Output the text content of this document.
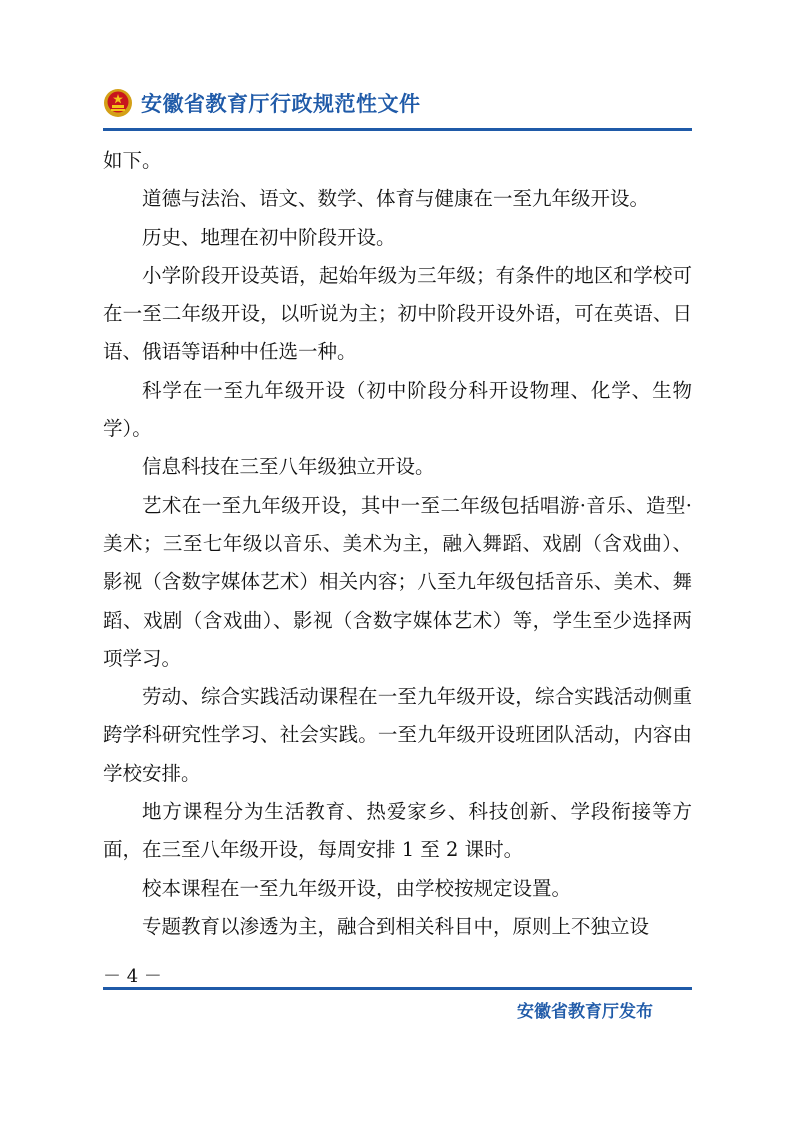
安徽省教育厅行政规范性文件

如下。

道德与法治、语文、数学、体育与健康在一至九年级开设。

历史、地理在初中阶段开设。

小学阶段开设英语，起始年级为三年级；有条件的地区和学校可在一至二年级开设，以听说为主；初中阶段开设外语，可在英语、日语、俄语等语种中任选一种。

科学在一至九年级开设（初中阶段分科开设物理、化学、生物学）。

信息科技在三至八年级独立开设。

艺术在一至九年级开设，其中一至二年级包括唱游·音乐、造型·美术；三至七年级以音乐、美术为主，融入舞蹈、戏剧（含戏曲）、影视（含数字媒体艺术）相关内容；八至九年级包括音乐、美术、舞蹈、戏剧（含戏曲）、影视（含数字媒体艺术）等，学生至少选择两项学习。

劳动、综合实践活动课程在一至九年级开设，综合实践活动侧重跨学科研究性学习、社会实践。一至九年级开设班团队活动，内容由学校安排。

地方课程分为生活教育、热爱家乡、科技创新、学段衔接等方面，在三至八年级开设，每周安排 1 至 2 课时。

校本课程在一至九年级开设，由学校按规定设置。

专题教育以渗透为主，融合到相关科目中，原则上不独立设

－ 4 －
安徽省教育厅发布
